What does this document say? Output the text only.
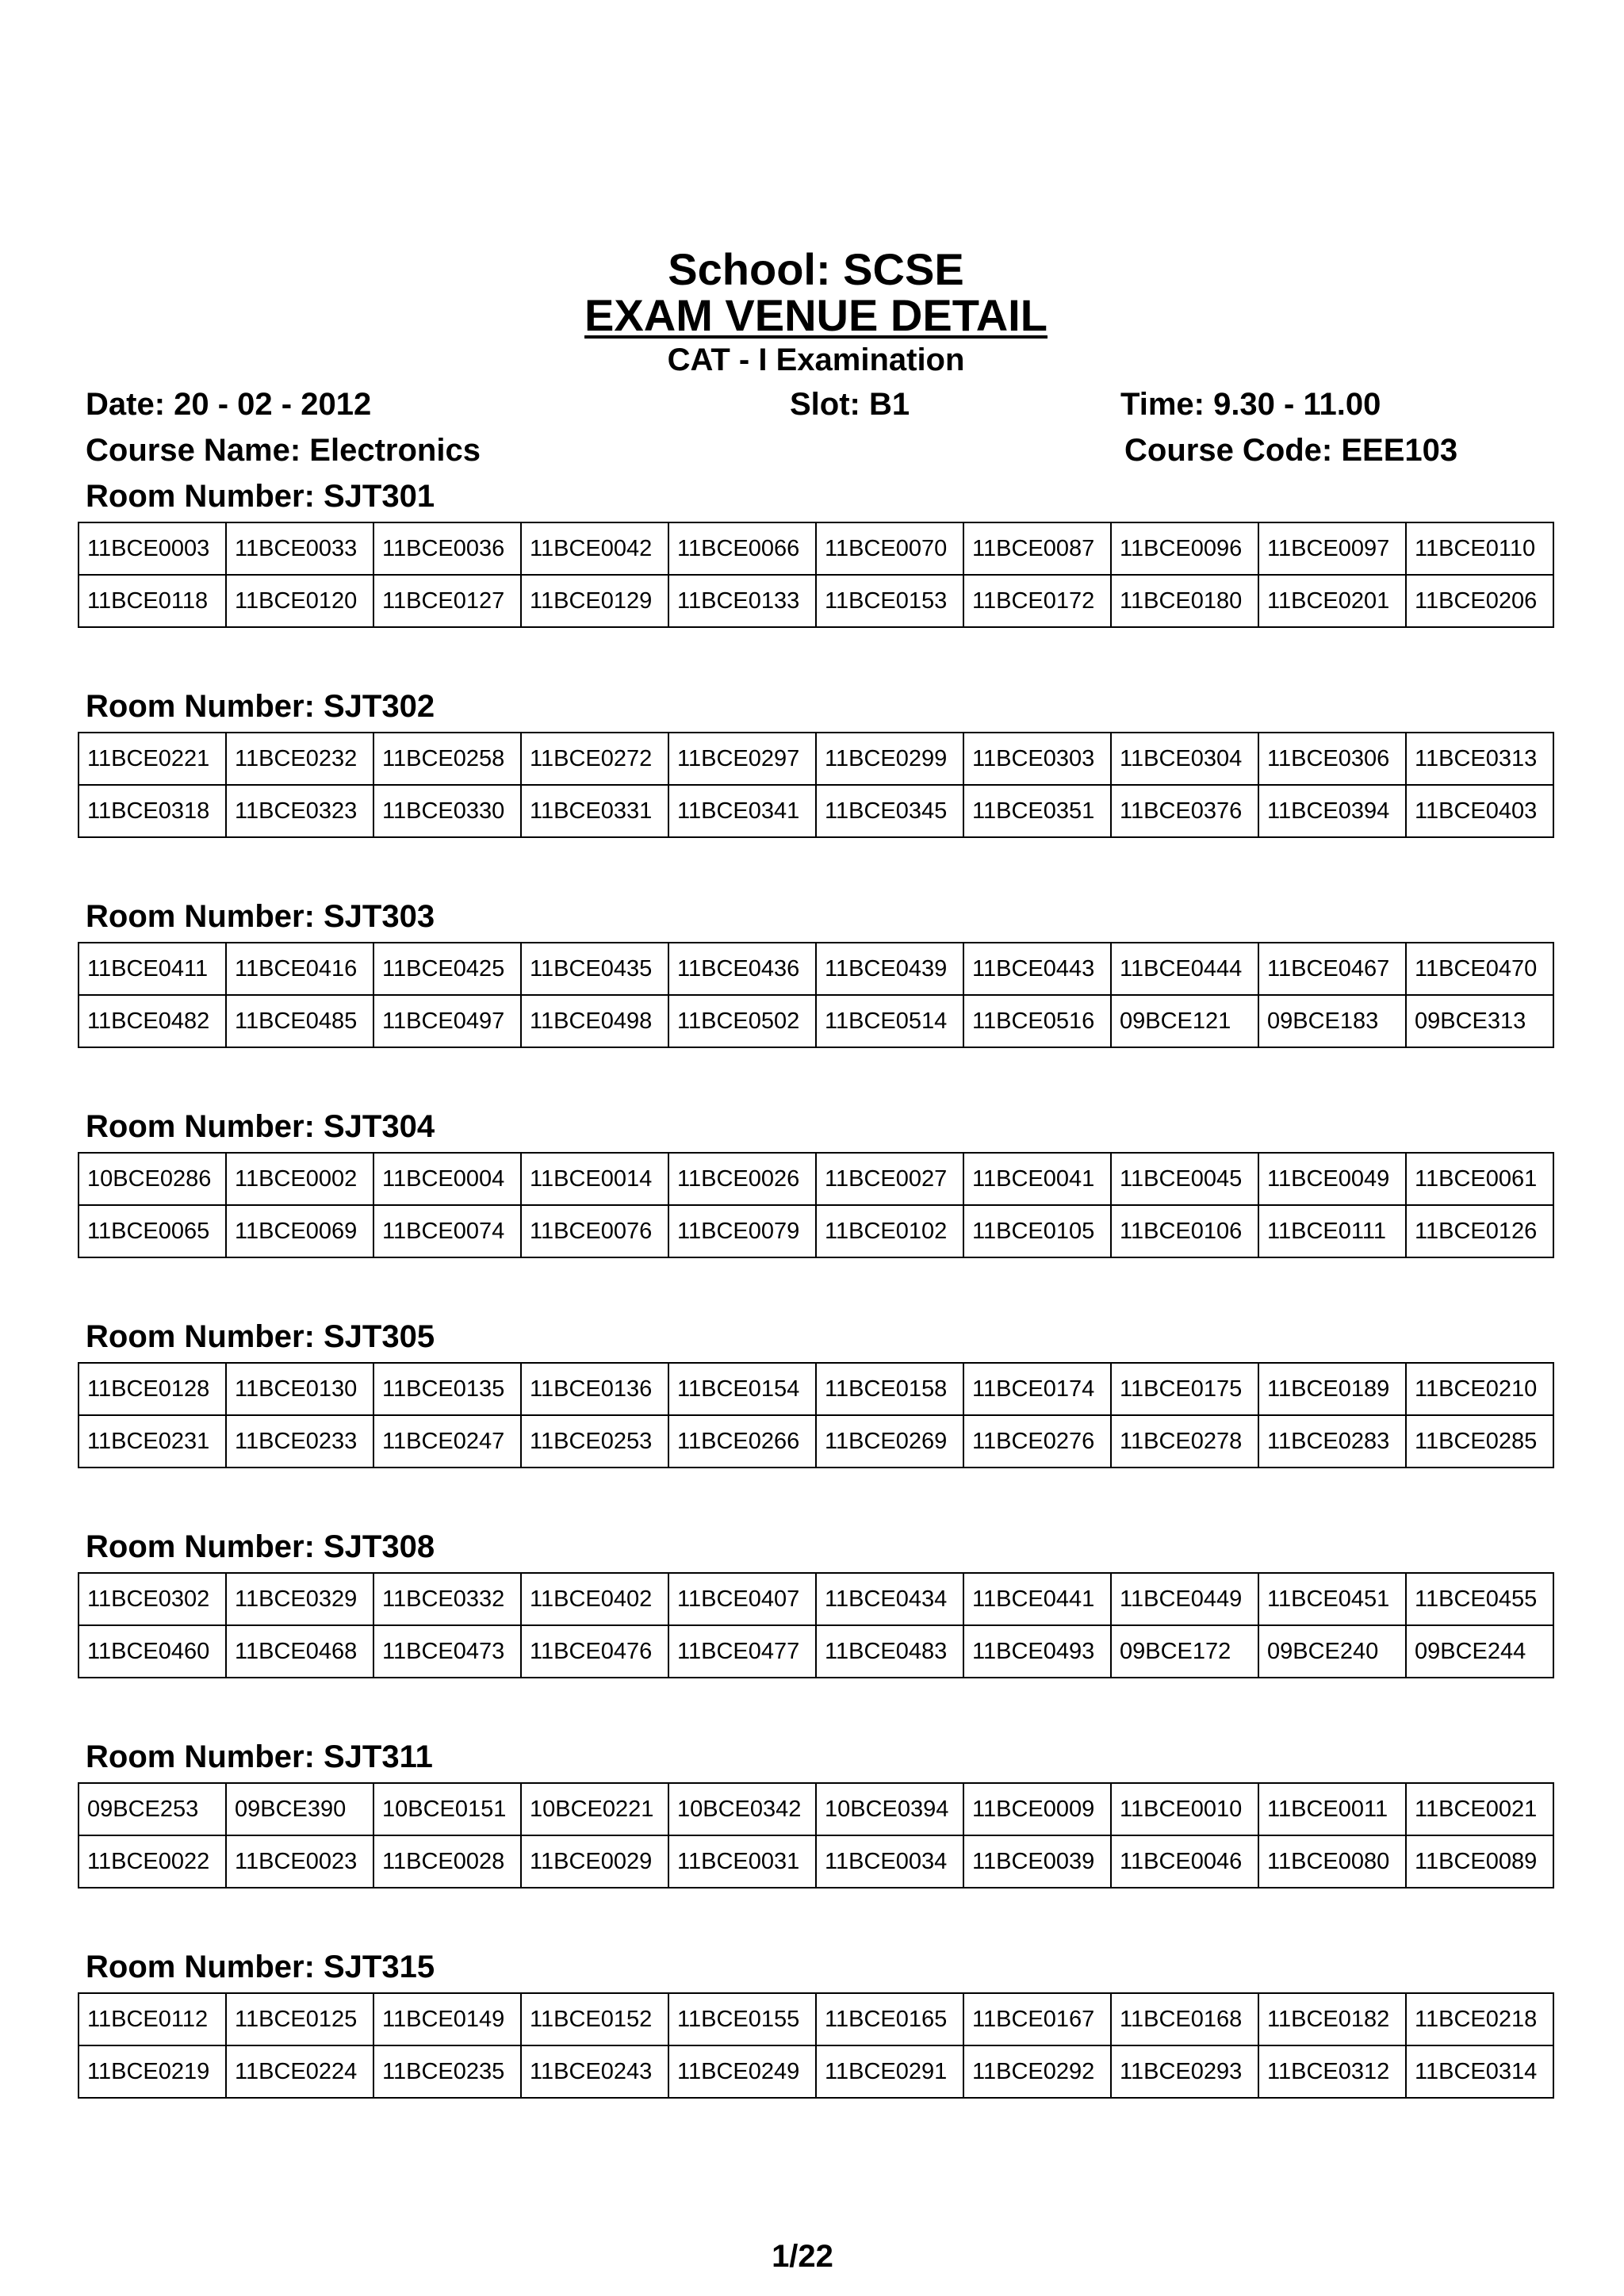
School: SCSE
EXAM VENUE DETAIL
CAT - I Examination
Date: 20 - 02 - 2012	Slot: B1	Time: 9.30 - 11.00
Course Name: Electronics	Course Code: EEE103
Room Number: SJT301
11BCE0003	11BCE0033	11BCE0036	11BCE0042	11BCE0066	11BCE0070	11BCE0087	11BCE0096	11BCE0097	11BCE0110
11BCE0118	11BCE0120	11BCE0127	11BCE0129	11BCE0133	11BCE0153	11BCE0172	11BCE0180	11BCE0201	11BCE0206
Room Number: SJT302
11BCE0221	11BCE0232	11BCE0258	11BCE0272	11BCE0297	11BCE0299	11BCE0303	11BCE0304	11BCE0306	11BCE0313
11BCE0318	11BCE0323	11BCE0330	11BCE0331	11BCE0341	11BCE0345	11BCE0351	11BCE0376	11BCE0394	11BCE0403
Room Number: SJT303
11BCE0411	11BCE0416	11BCE0425	11BCE0435	11BCE0436	11BCE0439	11BCE0443	11BCE0444	11BCE0467	11BCE0470
11BCE0482	11BCE0485	11BCE0497	11BCE0498	11BCE0502	11BCE0514	11BCE0516	09BCE121	09BCE183	09BCE313
Room Number: SJT304
10BCE0286	11BCE0002	11BCE0004	11BCE0014	11BCE0026	11BCE0027	11BCE0041	11BCE0045	11BCE0049	11BCE0061
11BCE0065	11BCE0069	11BCE0074	11BCE0076	11BCE0079	11BCE0102	11BCE0105	11BCE0106	11BCE0111	11BCE0126
Room Number: SJT305
11BCE0128	11BCE0130	11BCE0135	11BCE0136	11BCE0154	11BCE0158	11BCE0174	11BCE0175	11BCE0189	11BCE0210
11BCE0231	11BCE0233	11BCE0247	11BCE0253	11BCE0266	11BCE0269	11BCE0276	11BCE0278	11BCE0283	11BCE0285
Room Number: SJT308
11BCE0302	11BCE0329	11BCE0332	11BCE0402	11BCE0407	11BCE0434	11BCE0441	11BCE0449	11BCE0451	11BCE0455
11BCE0460	11BCE0468	11BCE0473	11BCE0476	11BCE0477	11BCE0483	11BCE0493	09BCE172	09BCE240	09BCE244
Room Number: SJT311
09BCE253	09BCE390	10BCE0151	10BCE0221	10BCE0342	10BCE0394	11BCE0009	11BCE0010	11BCE0011	11BCE0021
11BCE0022	11BCE0023	11BCE0028	11BCE0029	11BCE0031	11BCE0034	11BCE0039	11BCE0046	11BCE0080	11BCE0089
Room Number: SJT315
11BCE0112	11BCE0125	11BCE0149	11BCE0152	11BCE0155	11BCE0165	11BCE0167	11BCE0168	11BCE0182	11BCE0218
11BCE0219	11BCE0224	11BCE0235	11BCE0243	11BCE0249	11BCE0291	11BCE0292	11BCE0293	11BCE0312	11BCE0314
1/22
